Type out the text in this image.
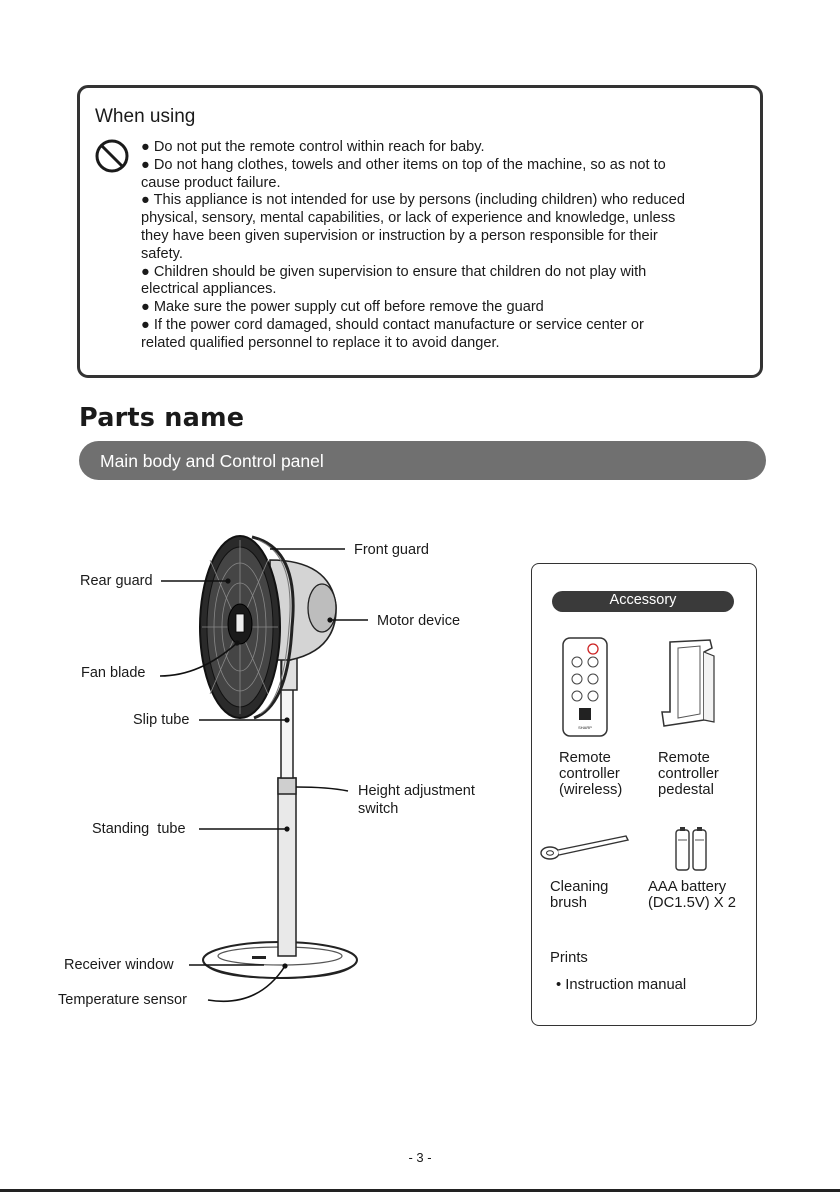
When using
● Do not put the remote control within reach for baby.
● Do not hang clothes, towels and other items on top of the machine, so as not to
cause product failure.
● This appliance is not intended for use by persons (including children) who reduced
physical, sensory, mental capabilities, or lack of experience and knowledge, unless
they have been given supervision or instruction by a person responsible for their
safety.
● Children should be given supervision to ensure that children do not play with
electrical appliances.
● Make sure the power supply cut off before remove the guard
● If the power cord damaged, should contact manufacture or service center or
related qualified personnel to replace it to avoid danger.
Parts name
Main body and Control panel
Front guard
Rear guard
Motor device
Fan blade
Slip tube
Height adjustment
switch
Standing  tube
Receiver window
Temperature sensor
Accessory
SHARP
Remote
controller
(wireless)
Remote
controller
pedestal
Cleaning
brush
AAA battery
(DC1.5V) X 2
Prints
• Instruction manual
- 3 -
